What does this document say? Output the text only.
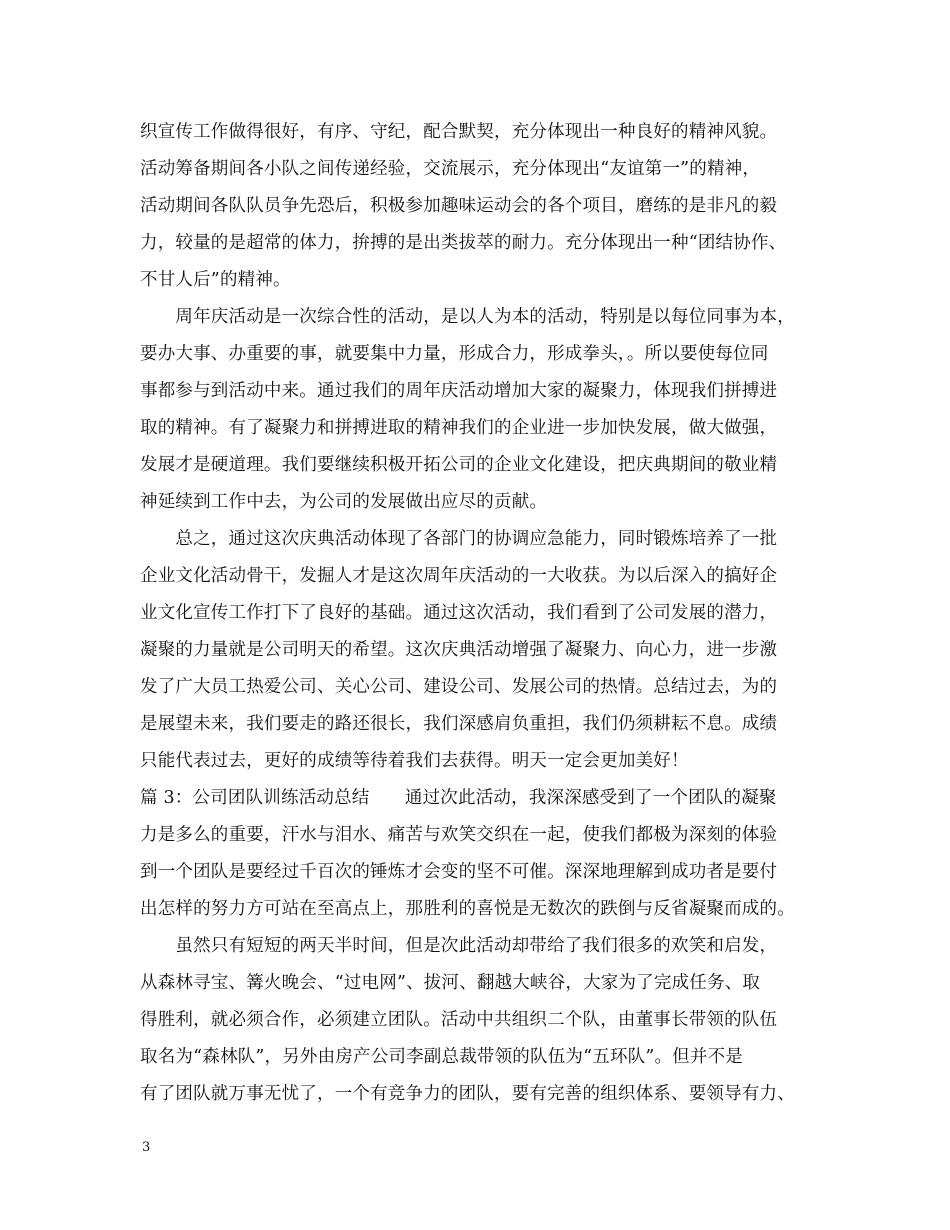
织宣传工作做得很好，有序、守纪，配合默契，充分体现出一种良好的精神风貌。
活动筹备期间各小队之间传递经验，交流展示，充分体现出“友谊第一”的精神，
活动期间各队队员争先恐后，积极参加趣味运动会的各个项目，磨练的是非凡的毅
力，较量的是超常的体力，拚搏的是出类拔萃的耐力。充分体现出一种“团结协作、
不甘人后”的精神。
　　周年庆活动是一次综合性的活动，是以人为本的活动，特别是以每位同事为本，
要办大事、办重要的事，就要集中力量，形成合力，形成拳头，。所以要使每位同
事都参与到活动中来。通过我们的周年庆活动增加大家的凝聚力，体现我们拼搏进
取的精神。有了凝聚力和拼搏进取的精神我们的企业进一步加快发展，做大做强，
发展才是硬道理。我们要继续积极开拓公司的企业文化建设，把庆典期间的敬业精
神延续到工作中去，为公司的发展做出应尽的贡献。
　　总之，通过这次庆典活动体现了各部门的协调应急能力，同时锻炼培养了一批
企业文化活动骨干，发掘人才是这次周年庆活动的一大收获。为以后深入的搞好企
业文化宣传工作打下了良好的基础。通过这次活动，我们看到了公司发展的潜力，
凝聚的力量就是公司明天的希望。这次庆典活动增强了凝聚力、向心力，进一步激
发了广大员工热爱公司、关心公司、建设公司、发展公司的热情。总结过去，为的
是展望未来，我们要走的路还很长，我们深感肩负重担，我们仍须耕耘不息。成绩
只能代表过去，更好的成绩等待着我们去获得。明天一定会更加美好！
篇 3：公司团队训练活动总结　　通过次此活动，我深深感受到了一个团队的凝聚
力是多么的重要，汗水与泪水、痛苦与欢笑交织在一起，使我们都极为深刻的体验
到一个团队是要经过千百次的锤炼才会变的坚不可催。深深地理解到成功者是要付
出怎样的努力方可站在至高点上，那胜利的喜悦是无数次的跌倒与反省凝聚而成的。
　　虽然只有短短的两天半时间，但是次此活动却带给了我们很多的欢笑和启发，
从森林寻宝、篝火晚会、“过电网”、拔河、翻越大峡谷，大家为了完成任务、取
得胜利，就必须合作，必须建立团队。活动中共组织二个队，由董事长带领的队伍
取名为“森林队”，另外由房产公司李副总裁带领的队伍为“五环队”。但并不是
有了团队就万事无忧了，一个有竞争力的团队，要有完善的组织体系、要领导有力、
3
